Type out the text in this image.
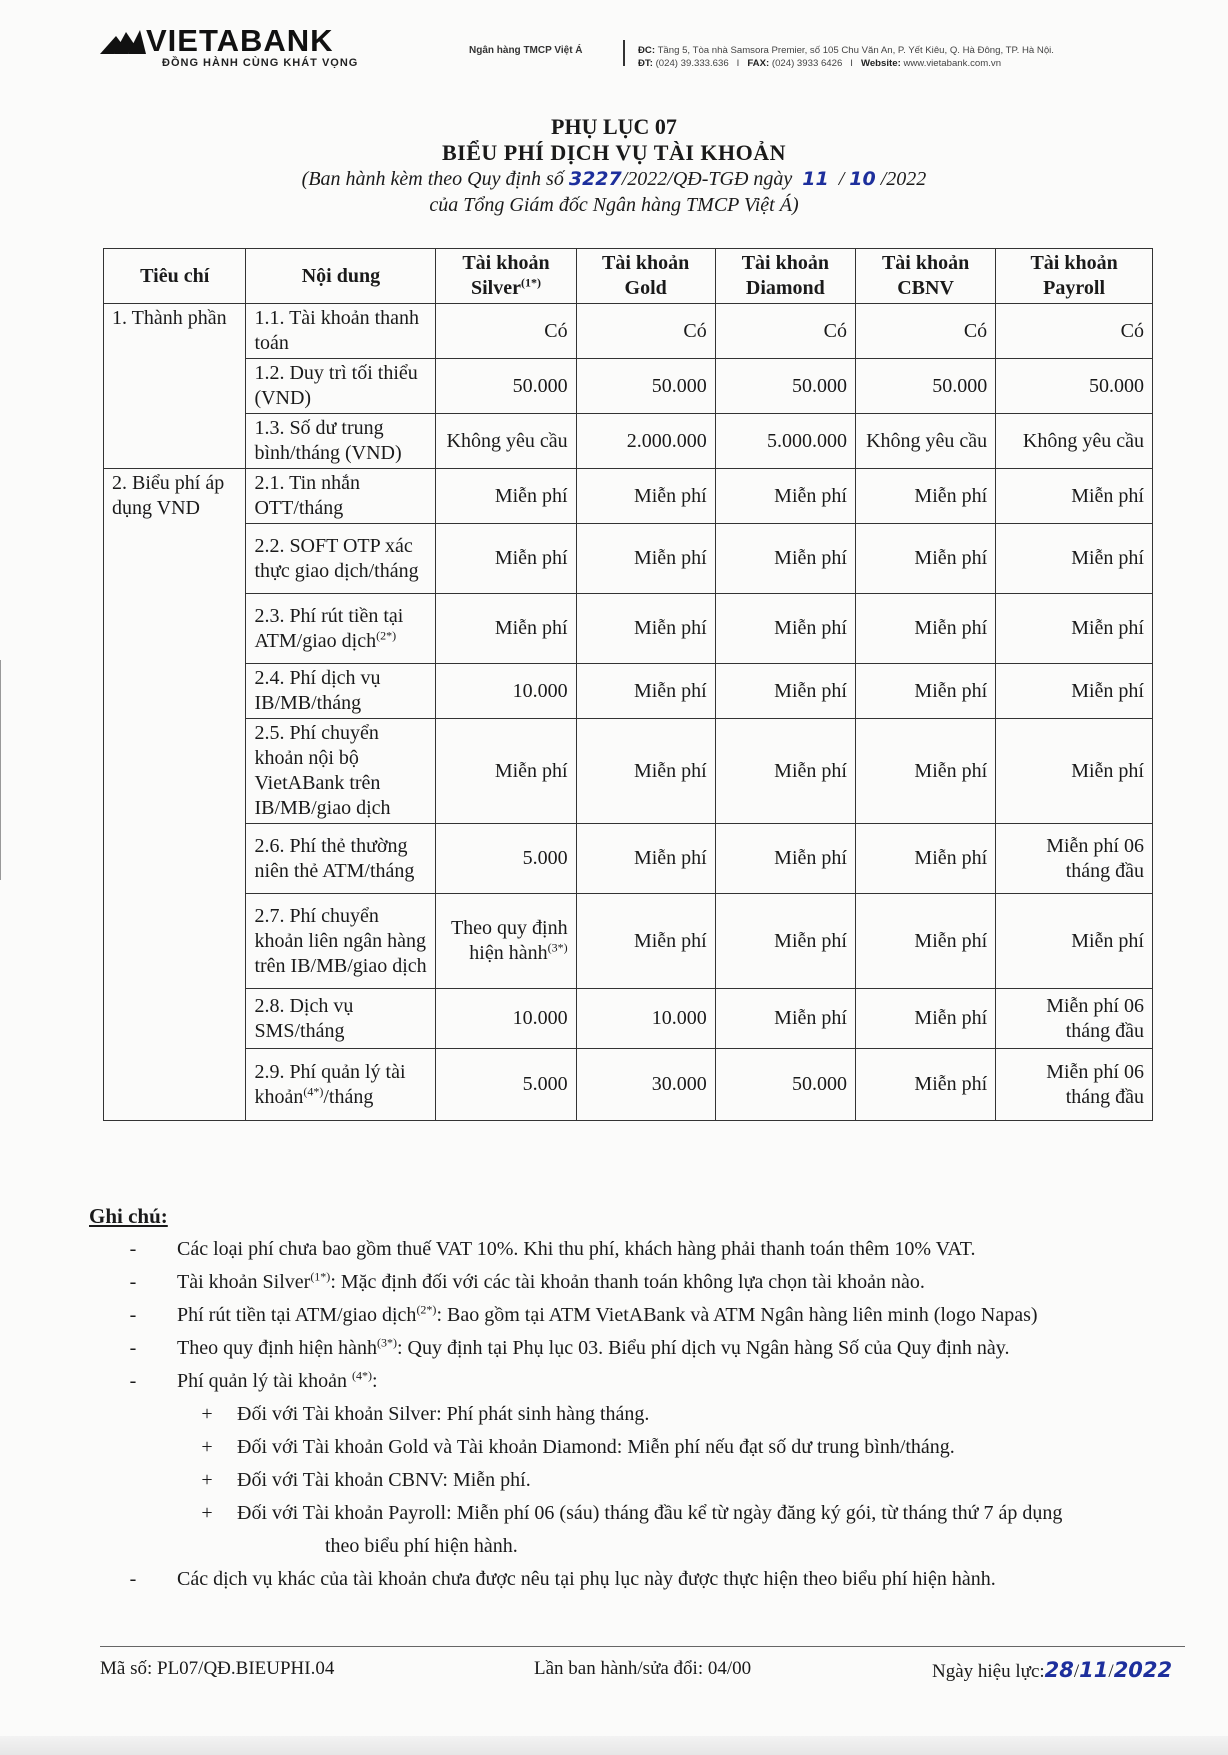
VIETABANK
ĐỒNG HÀNH CÙNG KHÁT VỌNG
Ngân hàng TMCP Việt Á	ĐC: Tầng 5, Tòa nhà Samsora Premier, số 105 Chu Văn An, P. Yết Kiêu, Q. Hà Đông, TP. Hà Nội.
ĐT: (024) 39.333.636 I FAX: (024) 3933 6426 I Website: www.vietabank.com.vn
PHỤ LỤC 07
BIỂU PHÍ DỊCH VỤ TÀI KHOẢN
(Ban hành kèm theo Quy định số 3227/2022/QĐ-TGĐ ngày 11 / 10 /2022
của Tổng Giám đốc Ngân hàng TMCP Việt Á)
Tiêu chí	Nội dung	Tài khoản Silver$^{(1*)}$	Tài khoản Gold	Tài khoản Diamond	Tài khoản CBNV	Tài khoản Payroll
1. Thành phần	1.1. Tài khoản thanh toán	Có	Có	Có	Có	Có
	1.2. Duy trì tối thiểu (VND)	50.000	50.000	50.000	50.000	50.000
	1.3. Số dư trung bình/tháng (VND)	Không yêu cầu	2.000.000	5.000.000	Không yêu cầu	Không yêu cầu
2. Biểu phí áp dụng VND	2.1. Tin nhắn OTT/tháng	Miễn phí	Miễn phí	Miễn phí	Miễn phí	Miễn phí
	2.2. SOFT OTP xác thực giao dịch/tháng	Miễn phí	Miễn phí	Miễn phí	Miễn phí	Miễn phí
	2.3. Phí rút tiền tại ATM/giao dịch$^{(2*)}$	Miễn phí	Miễn phí	Miễn phí	Miễn phí	Miễn phí
	2.4. Phí dịch vụ IB/MB/tháng	10.000	Miễn phí	Miễn phí	Miễn phí	Miễn phí
	2.5. Phí chuyển khoản nội bộ VietABank trên IB/MB/giao dịch	Miễn phí	Miễn phí	Miễn phí	Miễn phí	Miễn phí
	2.6. Phí thẻ thường niên thẻ ATM/tháng	5.000	Miễn phí	Miễn phí	Miễn phí	Miễn phí 06 tháng đầu
	2.7. Phí chuyển khoản liên ngân hàng trên IB/MB/giao dịch	Theo quy định hiện hành$^{(3*)}$	Miễn phí	Miễn phí	Miễn phí	Miễn phí
	2.8. Dịch vụ SMS/tháng	10.000	10.000	Miễn phí	Miễn phí	Miễn phí 06 tháng đầu
	2.9. Phí quản lý tài khoản$^{(4*)}$/tháng	5.000	30.000	50.000	Miễn phí	Miễn phí 06 tháng đầu
Ghi chú:
-	Các loại phí chưa bao gồm thuế VAT 10%. Khi thu phí, khách hàng phải thanh toán thêm 10% VAT.
-	Tài khoản Silver$^{(1*)}$: Mặc định đối với các tài khoản thanh toán không lựa chọn tài khoản nào.
-	Phí rút tiền tại ATM/giao dịch$^{(2*)}$: Bao gồm tại ATM VietABank và ATM Ngân hàng liên minh (logo Napas)
-	Theo quy định hiện hành$^{(3*)}$: Quy định tại Phụ lục 03. Biểu phí dịch vụ Ngân hàng Số của Quy định này.
-	Phí quản lý tài khoản $^{(4*)}$:
+	Đối với Tài khoản Silver: Phí phát sinh hàng tháng.
+	Đối với Tài khoản Gold và Tài khoản Diamond: Miễn phí nếu đạt số dư trung bình/tháng.
+	Đối với Tài khoản CBNV: Miễn phí.
+	Đối với Tài khoản Payroll: Miễn phí 06 (sáu) tháng đầu kể từ ngày đăng ký gói, từ tháng thứ 7 áp dụng
theo biểu phí hiện hành.
-	Các dịch vụ khác của tài khoản chưa được nêu tại phụ lục này được thực hiện theo biểu phí hiện hành.
Mã số: PL07/QĐ.BIEUPHI.04	Lần ban hành/sửa đổi: 04/00	Ngày hiệu lực:28/11/2022
